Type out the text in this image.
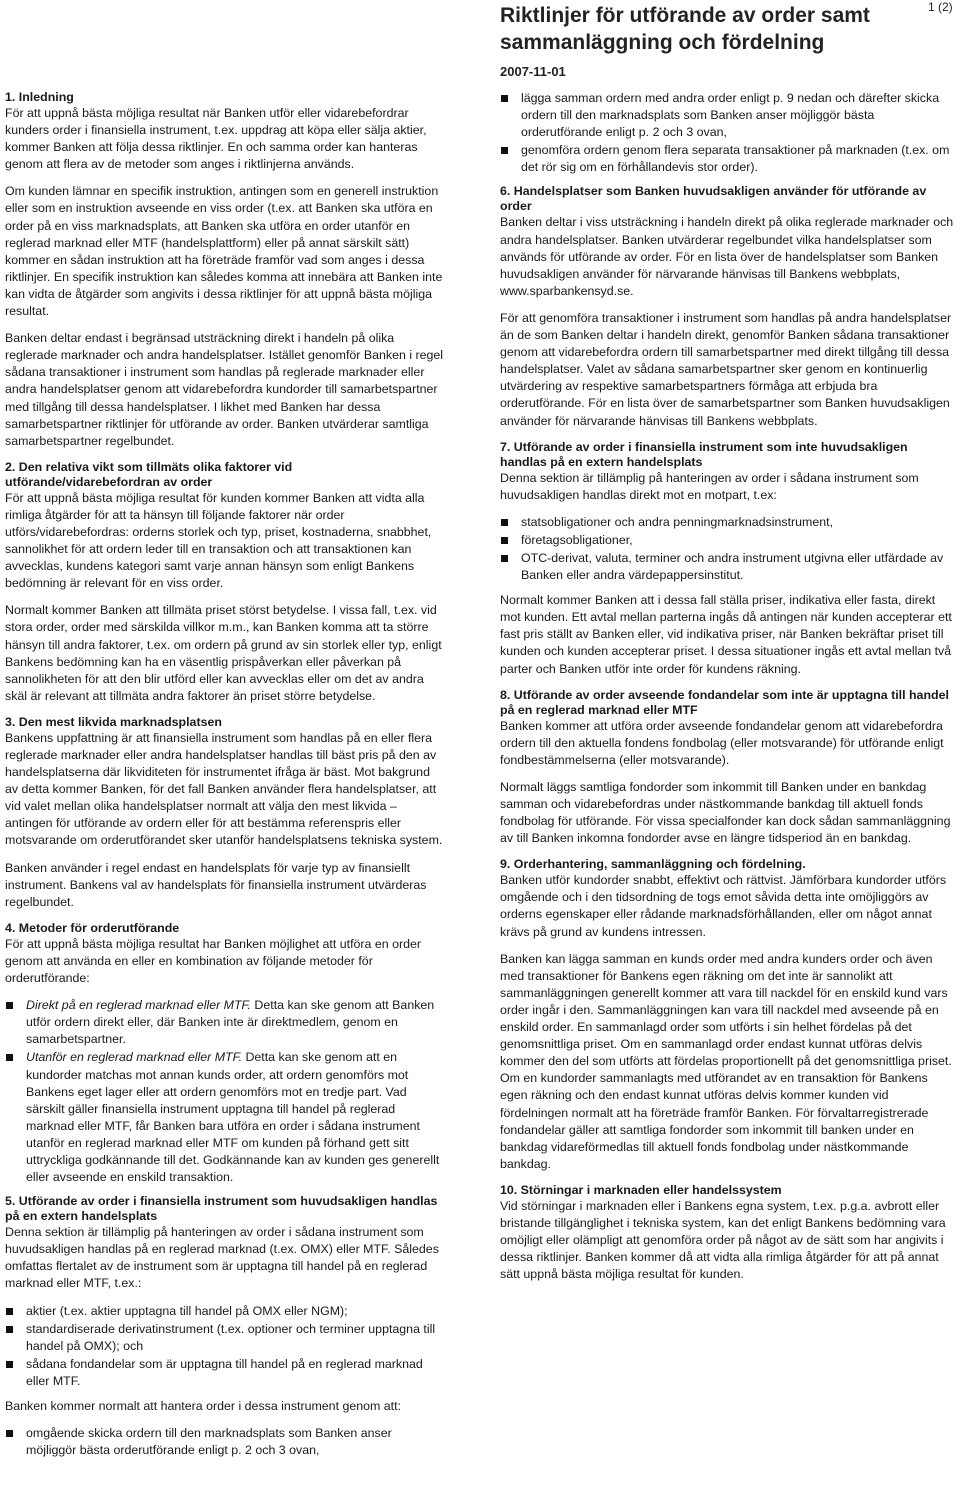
Riktlinjer för utförande av order samt sammanläggning och fördelning
1 (2)
2007-11-01
1. Inledning

För att uppnå bästa möjliga resultat när Banken utför eller vidarebefordrar kunders order i finansiella instrument, t.ex. uppdrag att köpa eller sälja aktier, kommer Banken att följa dessa riktlinjer. En och samma order kan hanteras genom att flera av de metoder som anges i riktlinjerna används.

Om kunden lämnar en specifik instruktion, antingen som en generell instruktion eller som en instruktion avseende en viss order (t.ex. att Banken ska utföra en order på en viss marknadsplats, att Banken ska utföra en order utanför en reglerad marknad eller MTF (handelsplattform) eller på annat särskilt sätt) kommer en sådan instruktion att ha företräde framför vad som anges i dessa riktlinjer. En specifik instruktion kan således komma att innebära att Banken inte kan vidta de åtgärder som angivits i dessa riktlinjer för att uppnå bästa möjliga resultat.

Banken deltar endast i begränsad utsträckning direkt i handeln på olika reglerade marknader och andra handelsplatser. Istället genomför Banken i regel sådana transaktioner i instrument som handlas på reglerade marknader eller andra handelsplatser genom att vidarebefordra kundorder till samarbetspartner med tillgång till dessa handelsplatser. I likhet med Banken har dessa samarbetspartner riktlinjer för utförande av order. Banken utvärderar samtliga samarbetspartner regelbundet.

2. Den relativa vikt som tillmäts olika faktorer vid utförande/vidarebefordran av order

För att uppnå bästa möjliga resultat för kunden kommer Banken att vidta alla rimliga åtgärder för att ta hänsyn till följande faktorer när order utförs/vidarebefordras: orderns storlek och typ, priset, kostnaderna, snabbhet, sannolikhet för att ordern leder till en transaktion och att transaktionen kan avvecklas, kundens kategori samt varje annan hänsyn som enligt Bankens bedömning är relevant för en viss order.

Normalt kommer Banken att tillmäta priset störst betydelse. I vissa fall, t.ex. vid stora order, order med särskilda villkor m.m., kan Banken komma att ta större hänsyn till andra faktorer, t.ex. om ordern på grund av sin storlek eller typ, enligt Bankens bedömning kan ha en väsentlig prispåverkan eller påverkan på sannolikheten för att den blir utförd eller kan avvecklas eller om det av andra skäl är relevant att tillmäta andra faktorer än priset större betydelse.

3. Den mest likvida marknadsplatsen

Bankens uppfattning är att finansiella instrument som handlas på en eller flera reglerade marknader eller andra handelsplatser handlas till bäst pris på den av handelsplatserna där likviditeten för instrumentet ifråga är bäst. Mot bakgrund av detta kommer Banken, för det fall Banken använder flera handelsplatser, att vid valet mellan olika handelsplatser normalt att välja den mest likvida – antingen för utförande av ordern eller för att bestämma referenspris eller motsvarande om orderutförandet sker utanför handelsplatsens tekniska system.

Banken använder i regel endast en handelsplats för varje typ av finansiellt instrument. Bankens val av handelsplats för finansiella instrument utvärderas regelbundet.

4. Metoder för orderutförande

För att uppnå bästa möjliga resultat har Banken möjlighet att utföra en order genom att använda en eller en kombination av följande metoder för orderutförande:

Direkt på en reglerad marknad eller MTF. Detta kan ske genom att Banken utför ordern direkt eller, där Banken inte är direktmedlem, genom en samarbetspartner.
Utanför en reglerad marknad eller MTF. Detta kan ske genom att en kundorder matchas mot annan kunds order, att ordern genomförs mot Bankens eget lager eller att ordern genomförs mot en tredje part. Vad särskilt gäller finansiella instrument upptagna till handel på reglerad marknad eller MTF, får Banken bara utföra en order i sådana instrument utanför en reglerad marknad eller MTF om kunden på förhand gett sitt uttryckliga godkännande till det. Godkännande kan av kunden ges generellt eller avseende en enskild transaktion.
5. Utförande av order i finansiella instrument som huvudsakligen handlas på en extern handelsplats

Denna sektion är tillämplig på hanteringen av order i sådana instrument som huvudsakligen handlas på en reglerad marknad (t.ex. OMX) eller MTF. Således omfattas flertalet av de instrument som är upptagna till handel på en reglerad marknad eller MTF, t.ex.:

aktier (t.ex. aktier upptagna till handel på OMX eller NGM);
standardiserade derivatinstrument (t.ex. optioner och terminer upptagna till handel på OMX); och
sådana fondandelar som är upptagna till handel på en reglerad marknad eller MTF.

Banken kommer normalt att hantera order i dessa instrument genom att:

omgående skicka ordern till den marknadsplats som Banken anser möjliggör bästa orderutförande enligt p. 2 och 3 ovan,
lägga samman ordern med andra order enligt p. 9 nedan och därefter skicka ordern till den marknadsplats som Banken anser möjliggör bästa orderutförande enligt p. 2 och 3 ovan,
genomföra ordern genom flera separata transaktioner på marknaden (t.ex. om det rör sig om en förhållandevis stor order).
6. Handelsplatser som Banken huvudsakligen använder för utförande av order

Banken deltar i viss utsträckning i handeln direkt på olika reglerade marknader och andra handelsplatser. Banken utvärderar regelbundet vilka handelsplatser som används för utförande av order. För en lista över de handelsplatser som Banken huvudsakligen använder för närvarande hänvisas till Bankens webbplats, www.sparbankensyd.se.

För att genomföra transaktioner i instrument som handlas på andra handelsplatser än de som Banken deltar i handeln direkt, genomför Banken sådana transaktioner genom att vidarebefordra ordern till samarbetspartner med direkt tillgång till dessa handelsplatser. Valet av sådana samarbetspartner sker genom en kontinuerlig utvärdering av respektive samarbetspartners förmåga att erbjuda bra orderutförande. För en lista över de samarbetspartner som Banken huvudsakligen använder för närvarande hänvisas till Bankens webbplats.

7. Utförande av order i finansiella instrument som inte huvudsakligen handlas på en extern handelsplats

Denna sektion är tillämplig på hanteringen av order i sådana instrument som huvudsakligen handlas direkt mot en motpart, t.ex:

statsobligationer och andra penningmarknadsinstrument,
företagsobligationer,
OTC-derivat, valuta, terminer och andra instrument utgivna eller utfärdade av Banken eller andra värdepappersinstitut.

Normalt kommer Banken att i dessa fall ställa priser, indikativa eller fasta, direkt mot kunden. Ett avtal mellan parterna ingås då antingen när kunden accepterar ett fast pris ställt av Banken eller, vid indikativa priser, när Banken bekräftar priset till kunden och kunden accepterar priset. I dessa situationer ingås ett avtal mellan två parter och Banken utför inte order för kundens räkning.

8. Utförande av order avseende fondandelar som inte är upptagna till handel på en reglerad marknad eller MTF

Banken kommer att utföra order avseende fondandelar genom att vidarebefordra ordern till den aktuella fondens fondbolag (eller motsvarande) för utförande enligt fondbestämmelserna (eller motsvarande).

Normalt läggs samtliga fondorder som inkommit till Banken under en bankdag samman och vidarebefordras under nästkommande bankdag till aktuell fonds fondbolag för utförande. För vissa specialfonder kan dock sådan sammanläggning av till Banken inkomna fondorder avse en längre tidsperiod än en bankdag.

9. Orderhantering, sammanläggning och fördelning.

Banken utför kundorder snabbt, effektivt och rättvist. Jämförbara kundorder utförs omgående och i den tidsordning de togs emot såvida detta inte omöjliggörs av orderns egenskaper eller rådande marknadsförhållanden, eller om något annat krävs på grund av kundens intressen.

Banken kan lägga samman en kunds order med andra kunders order och även med transaktioner för Bankens egen räkning om det inte är sannolikt att sammanläggningen generellt kommer att vara till nackdel för en enskild kund vars order ingår i den. Sammanläggningen kan vara till nackdel med avseende på en enskild order. En sammanlagd order som utförts i sin helhet fördelas på det genomsnittliga priset. Om en sammanlagd order endast kunnat utföras delvis kommer den del som utförts att fördelas proportionellt på det genomsnittliga priset. Om en kundorder sammanlagts med utförandet av en transaktion för Bankens egen räkning och den endast kunnat utföras delvis kommer kunden vid fördelningen normalt att ha företräde framför Banken. För förvaltarregistrerade fondandelar gäller att samtliga fondorder som inkommit till banken under en bankdag vidareförmedlas till aktuell fonds fondbolag under nästkommande bankdag.

10. Störningar i marknaden eller handelssystem

Vid störningar i marknaden eller i Bankens egna system, t.ex. p.g.a. avbrott eller bristande tillgänglighet i tekniska system, kan det enligt Bankens bedömning vara omöjligt eller olämpligt att genomföra order på något av de sätt som har angivits i dessa riktlinjer. Banken kommer då att vidta alla rimliga åtgärder för att på annat sätt uppnå bästa möjliga resultat för kunden.
